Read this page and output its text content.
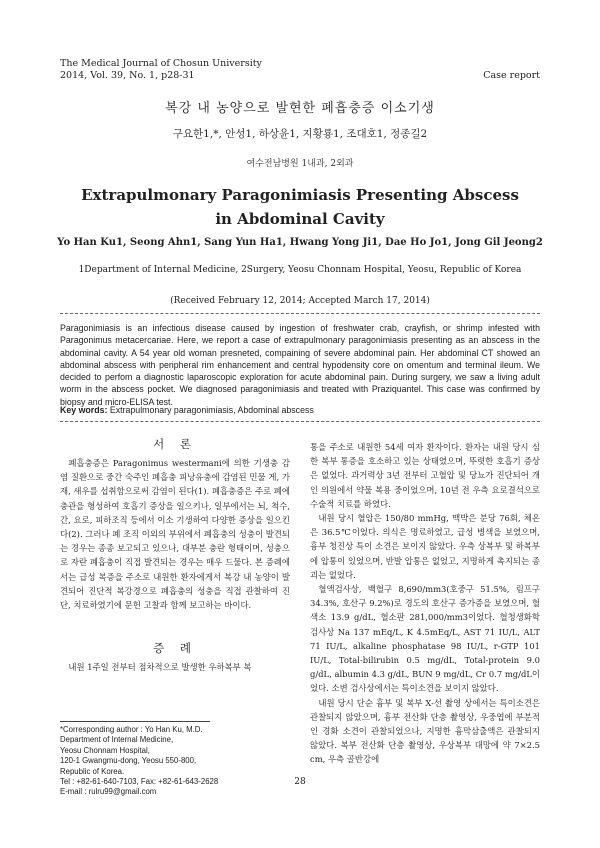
The Medical Journal of Chosun University
2014, Vol. 39, No. 1, p28-31	Case report
복강 내 농양으로 발현한 폐흡충증 이소기생
구요한1,*, 안성1, 하상윤1, 지황룡1, 조대호1, 정종길2
여수전남병원 1내과, 2외과
Extrapulmonary Paragonimiasis Presenting Abscess
in Abdominal Cavity
Yo Han Ku1, Seong Ahn1, Sang Yun Ha1, Hwang Yong Ji1, Dae Ho Jo1, Jong Gil Jeong2
1Department of Internal Medicine, 2Surgery, Yeosu Chonnam Hospital, Yeosu, Republic of Korea
(Received February 12, 2014; Accepted March 17, 2014)
Paragonimiasis is an infectious disease caused by ingestion of freshwater crab, crayfish, or shrimp infested with Paragonimus metacercariae. Here, we report a case of extrapulmonary paragonimiasis presenting as an abscess in the abdominal cavity. A 54 year old woman presneted, compaining of severe abdominal pain. Her abdominal CT showed an abdominal abscess with peripheral rim enhancement and central hypodensity core on omentum and terminal ileum. We decided to perfom a diagnostic laparoscopic exploration for acute abdominal pain. During surgery, we saw a living adult worm in the abscess pocket. We diagnosed paragonimiasis and treated with Praziquantel. This case was confirmed by biopsy and micro-ELISA test.
Key words: Extrapulmonary paragonimiasis, Abdominal abscess
서 론

폐흡충증은 Paragonimus westermani에 의한 기생충 감염 질환으로 중간 숙주인 폐흡충 피낭유충에 감염된 민물 게, 가재, 새우를 섭취함으로써 감염이 된다(1). 폐흡충증은 주로 폐에 충관을 형성하여 호흡기 증상을 일으키나, 일부에서는 뇌, 척수, 간, 요로, 피하조직 등에서 이소 기생하여 다양한 증상을 일으킨다(2). 그러나 폐 조직 이외의 부위에서 폐흡충의 성충이 발견되는 경우는 종종 보고되고 있으나, 대부분 충란 형태이며, 성충으로 자란 폐흡충이 직접 발견되는 경우는 매우 드물다. 본 증례에서는 급성 복증을 주소로 내원한 환자에게서 복강 내 농양이 발견되어 진단적 복강경으로 폐흡충의 성충을 직접 관찰하여 진단, 치료하였기에 문헌 고찰과 함께 보고하는 바이다.

증 례

내원 1주일 전부터 점차적으로 발생한 우하복부 복

*Corresponding author : Yo Han Ku, M.D.
Department of Internal Medicine,
Yeosu Chonnam Hospital,
120-1 Gwangmu-dong, Yeosu 550-800,
Republic of Korea.
Tel : +82-61-640-7103, Fax: +82-61-643-2628
E-mail : rulru99@gmail.com

통을 주소로 내원한 54세 여자 환자이다. 환자는 내원 당시 심한 복부 통증을 호소하고 있는 상태였으며, 뚜렷한 호흡기 증상은 없었다. 과거력상 3년 전부터 고혈압 및 당뇨가 진단되어 개인 의원에서 약물 복용 중이었으며, 10년 전 우측 요로결석으로 수술적 치료를 하였다.

내원 당시 혈압은 150/80 mmHg, 맥박은 분당 76회, 체온은 36.5℃이었다. 의식은 명료하였고, 급성 병색을 보였으며, 흉부 청진상 특이 소견은 보이지 않았다. 우측 상복부 및 하복부에 압통이 있었으며, 반발 압통은 없었고, 지명하게 촉지되는 종괴는 없었다.

혈액검사상, 백혈구 8,690/mm3(호중구 51.5%, 림프구 34.3%, 호산구 9.2%)로 경도의 호산구 증가증을 보였으며, 혈색소 13.9 g/dL, 혈소판 281,000/mm3이었다. 혈청생화학 검사상 Na 137 mEq/L, K 4.5mEq/L, AST 71 IU/L, ALT 71 IU/L, alkaline phosphatase 98 IU/L, r-GTP 101 IU/L, Total-bilirubin 0.5 mg/dL, Total-protein 9.0 g/dL, albumin 4.3 g/dL, BUN 9 mg/dL, Cr 0.7 mg/dL이었다. 소변 검사상에서는 특이소견을 보이지 않았다.

내원 당시 단순 흉부 및 복부 X-선 촬영 상에서는 특이소견은 관찰되지 않았으며, 흉부 전산화 단층 촬영상, 우중엽에 부분적인 경화 소견이 관찰되었으나, 지명한 흉막삼출액은 관찰되지 않았다. 복부 전산화 단층 촬영상, 우상복부 대망에 약 7×2.5 cm, 우측 골반강에

28
